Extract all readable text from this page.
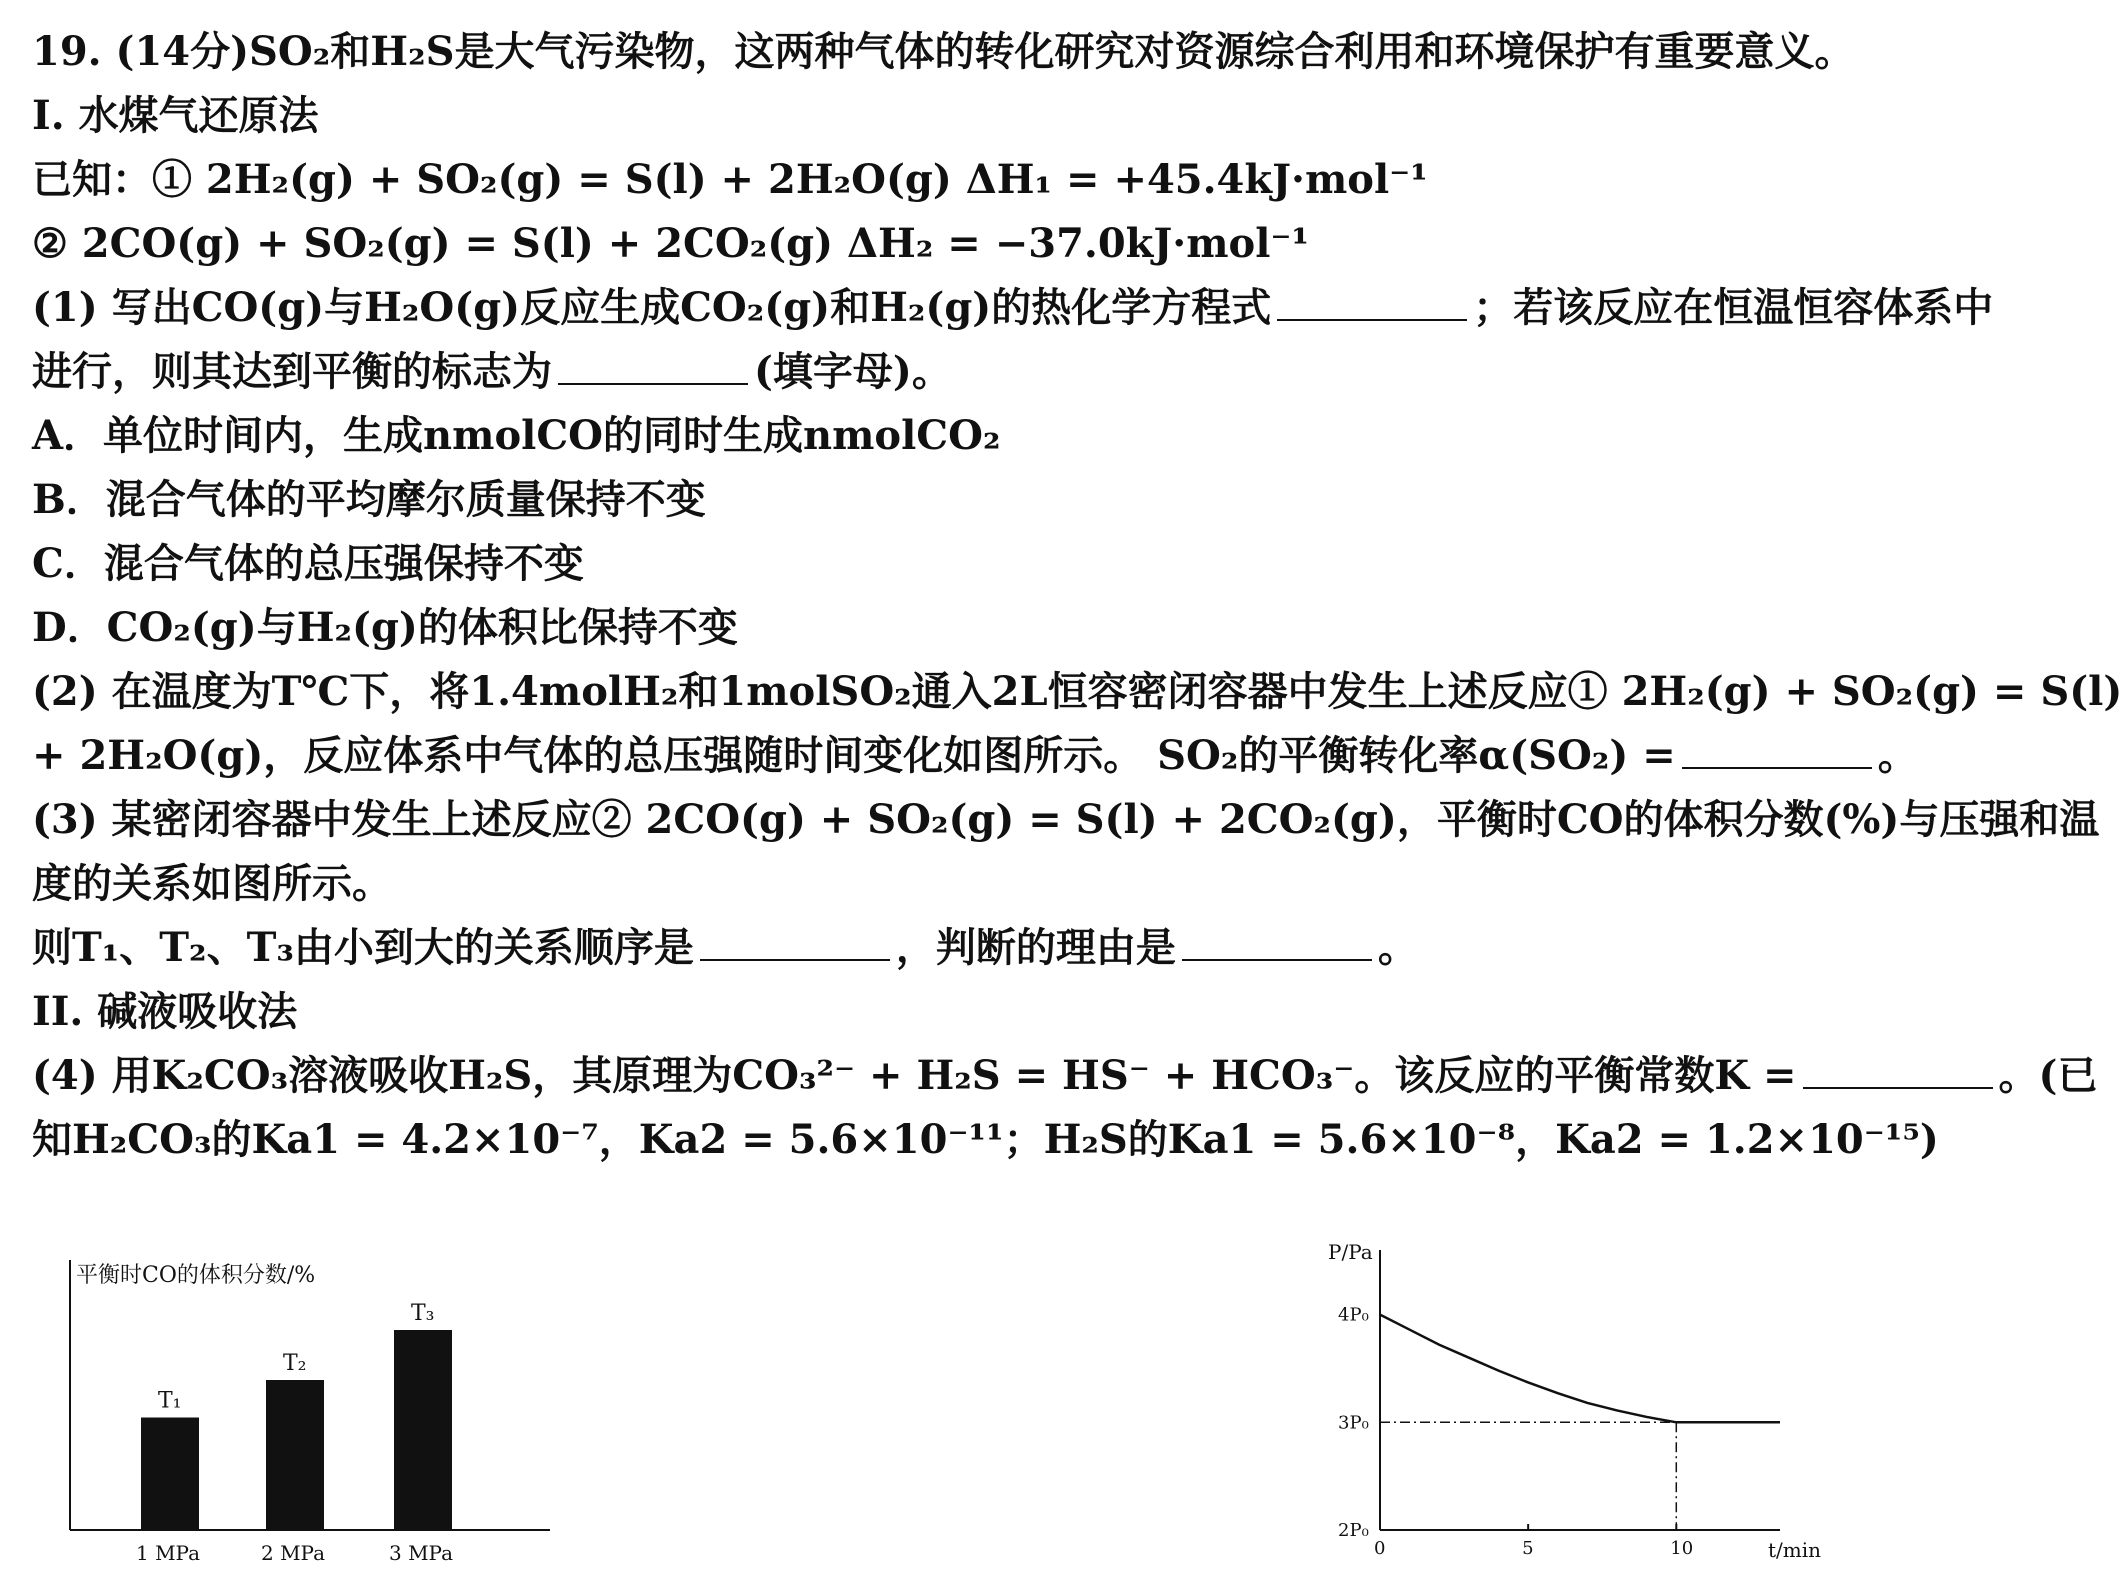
19. (14分)SO₂和H₂S是大气污染物，这两种气体的转化研究对资源综合利用和环境保护有重要意义。
I. 水煤气还原法
已知：① 2H₂(g) + SO₂(g) = S(l) + 2H₂O(g) ΔH₁ = +45.4kJ·mol⁻¹
② 2CO(g) + SO₂(g) = S(l) + 2CO₂(g) ΔH₂ = −37.0kJ·mol⁻¹
(1) 写出CO(g)与H₂O(g)反应生成CO₂(g)和H₂(g)的热化学方程式	；若该反应在恒温恒容体系中
进行，则其达到平衡的标志为	(填字母)。
A．单位时间内，生成nmolCO的同时生成nmolCO₂
B．混合气体的平均摩尔质量保持不变
C．混合气体的总压强保持不变
D．CO₂(g)与H₂(g)的体积比保持不变
(2) 在温度为T℃下，将1.4molH₂和1molSO₂通入2L恒容密闭容器中发生上述反应① 2H₂(g) + SO₂(g) = S(l)
+ 2H₂O(g)，反应体系中气体的总压强随时间变化如图所示。 SO₂的平衡转化率α(SO₂) =	。
(3) 某密闭容器中发生上述反应② 2CO(g) + SO₂(g) = S(l) + 2CO₂(g)，平衡时CO的体积分数(%)与压强和温
度的关系如图所示。
则T₁、T₂、T₃由小到大的关系顺序是	，判断的理由是	。
II. 碱液吸收法
(4) 用K₂CO₃溶液吸收H₂S，其原理为CO₃²⁻ + H₂S = HS⁻ + HCO₃⁻。该反应的平衡常数K =	。(已
知H₂CO₃的Ka1 = 4.2×10⁻⁷，Ka2 = 5.6×10⁻¹¹；H₂S的Ka1 = 5.6×10⁻⁸，Ka2 = 1.2×10⁻¹⁵)
平衡时CO的体积分数/%
T₁
1 MPa
T₂
2 MPa
T₃
3 MPa
P/Pa
t/min
2P₀
3P₀
4P₀
0	5	10
